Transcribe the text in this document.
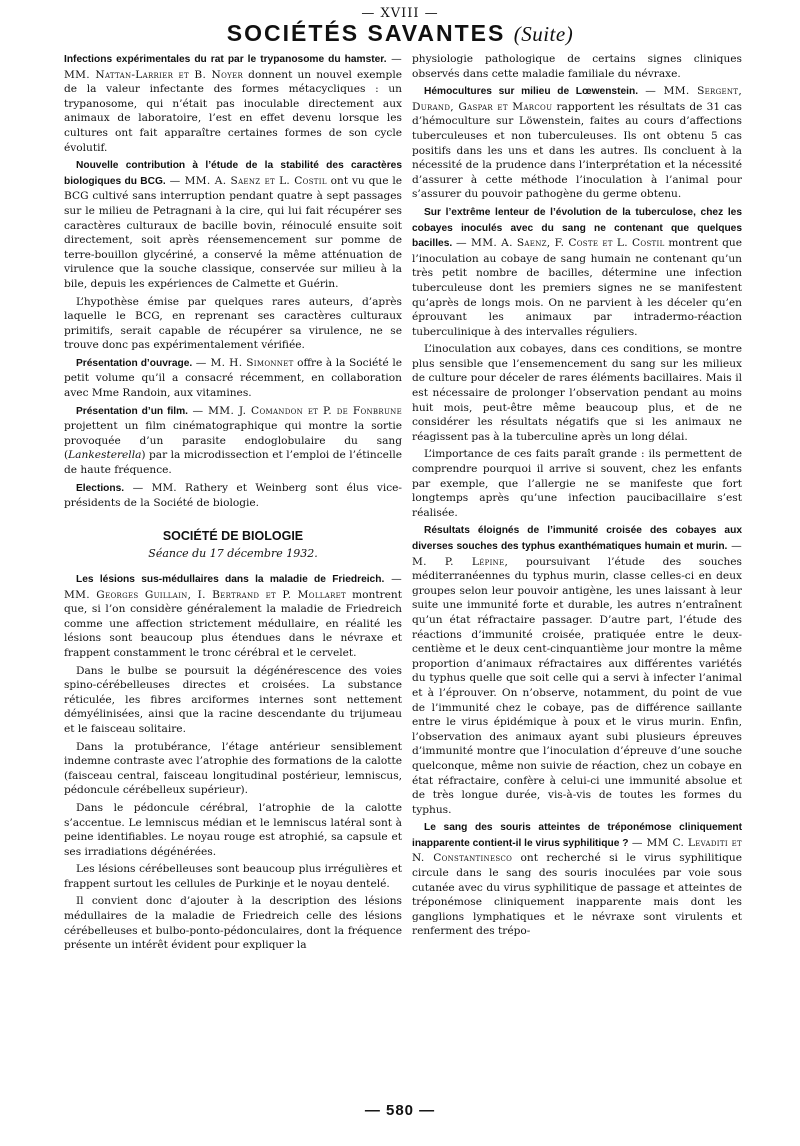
— XVIII —
SOCIÉTÉS SAVANTES (Suite)

Infections expérimentales du rat par le trypanosome du hamster. — MM. Nattan-Larrier et B. Noyer donnent un nouvel exemple de la valeur infectante des formes métacycliques : un trypanosome, qui n’était pas inoculable directement aux animaux de laboratoire, l’est en effet devenu lorsque les cultures ont fait apparaître certaines formes de son cycle évolutif.

Nouvelle contribution à l’étude de la stabilité des caractères biologiques du BCG. — MM. A. Saenz et L. Costil ont vu que le BCG cultivé sans interruption pendant quatre à sept passages sur le milieu de Petragnani à la cire, qui lui fait récupérer ses caractères culturaux de bacille bovin, réinoculé ensuite soit directement, soit après réensemencement sur pomme de terre-bouillon glycériné, a conservé la même atténuation de virulence que la souche classique, conservée sur milieu à la bile, depuis les expériences de Calmette et Guérin.

L’hypothèse émise par quelques rares auteurs, d’après laquelle le BCG, en reprenant ses caractères culturaux primitifs, serait capable de récupérer sa virulence, ne se trouve donc pas expérimentalement vérifiée.

Présentation d’ouvrage. — M. H. Simonnet offre à la Société le petit volume qu’il a consacré récemment, en collaboration avec Mme Randoin, aux vitamines.

Présentation d’un film. — MM. J. Comandon et P. de Fonbrune projettent un film cinématographique qui montre la sortie provoquée d’un parasite endoglobulaire du sang (Lankesterella) par la microdissection et l’emploi de l’étincelle de haute fréquence.

Elections. — MM. Rathery et Weinberg sont élus vice-présidents de la Société de biologie.

SOCIÉTÉ DE BIOLOGIE
Séance du 17 décembre 1932.

Les lésions sus-médullaires dans la maladie de Friedreich. — MM. Georges Guillain, I. Bertrand et P. Mollaret montrent que, si l’on considère généralement la maladie de Friedreich comme une affection strictement médullaire, en réalité les lésions sont beaucoup plus étendues dans le névraxe et frappent constamment le tronc cérébral et le cervelet.

Dans le bulbe se poursuit la dégénérescence des voies spino-cérébelleuses directes et croisées. La substance réticulée, les fibres arciformes internes sont nettement démyélinisées, ainsi que la racine descendante du trijumeau et le faisceau solitaire.

Dans la protubérance, l’étage antérieur sensiblement indemne contraste avec l’atrophie des formations de la calotte (faisceau central, faisceau longitudinal postérieur, lemniscus, pédoncule cérébelleux supérieur).

Dans le pédoncule cérébral, l’atrophie de la calotte s’accentue. Le lemniscus médian et le lemniscus latéral sont à peine identifiables. Le noyau rouge est atrophié, sa capsule et ses irradiations dégénérées.

Les lésions cérébelleuses sont beaucoup plus irrégulières et frappent surtout les cellules de Purkinje et le noyau dentelé.

Il convient donc d’ajouter à la description des lésions médullaires de la maladie de Friedreich celle des lésions cérébelleuses et bulbo-ponto-pédonculaires, dont la fréquence présente un intérêt évident pour expliquer la

physiologie pathologique de certains signes cliniques observés dans cette maladie familiale du névraxe.

Hémocultures sur milieu de Lœwenstein. — MM. Sergent, Durand, Gaspar et Marcou rapportent les résultats de 31 cas d’hémoculture sur Löwenstein, faites au cours d’affections tuberculeuses et non tuberculeuses. Ils ont obtenu 5 cas positifs dans les uns et dans les autres. Ils concluent à la nécessité de la prudence dans l’interprétation et la nécessité d’assurer à cette méthode l’inoculation à l’animal pour s’assurer du pouvoir pathogène du germe obtenu.

Sur l’extrême lenteur de l’évolution de la tuberculose, chez les cobayes inoculés avec du sang ne contenant que quelques bacilles. — MM. A. Saenz, F. Coste et L. Costil montrent que l’inoculation au cobaye de sang humain ne contenant qu’un très petit nombre de bacilles, détermine une infection tuberculeuse dont les premiers signes ne se manifestent qu’après de longs mois. On ne parvient à les déceler qu’en éprouvant les animaux par intradermo-réaction tuberculinique à des intervalles réguliers.

L’inoculation aux cobayes, dans ces conditions, se montre plus sensible que l’ensemencement du sang sur les milieux de culture pour déceler de rares éléments bacillaires. Mais il est nécessaire de prolonger l’observation pendant au moins huit mois, peut-être même beaucoup plus, et de ne considérer les résultats négatifs que si les animaux ne réagissent pas à la tuberculine après un long délai.

L’importance de ces faits paraît grande : ils permettent de comprendre pourquoi il arrive si souvent, chez les enfants par exemple, que l’allergie ne se manifeste que fort longtemps après qu’une infection paucibacillaire s’est réalisée.

Résultats éloignés de l’immunité croisée des cobayes aux diverses souches des typhus exanthématiques humain et murin. — M. P. Lépine, poursuivant l’étude des souches méditerranéennes du typhus murin, classe celles-ci en deux groupes selon leur pouvoir antigène, les unes laissant à leur suite une immunité forte et durable, les autres n’entraînent qu’un état réfractaire passager. D’autre part, l’étude des réactions d’immunité croisée, pratiquée entre le deux-centième et le deux cent-cinquantième jour montre la même proportion d’animaux réfractaires aux différentes variétés du typhus quelle que soit celle qui a servi à infecter l’animal et à l’éprouver. On n’observe, notamment, du point de vue de l’immunité chez le cobaye, pas de différence saillante entre le virus épidémique à poux et le virus murin. Enfin, l’observation des animaux ayant subi plusieurs épreuves d’immunité montre que l’inoculation d’épreuve d’une souche quelconque, même non suivie de réaction, chez un cobaye en état réfractaire, confère à celui-ci une immunité absolue et de très longue durée, vis-à-vis de toutes les formes du typhus.

Le sang des souris atteintes de tréponémose cliniquement inapparente contient-il le virus syphilitique ? — MM C. Levaditi et N. Constantinesco ont recherché si le virus syphilitique circule dans le sang des souris inoculées par voie sous cutanée avec du virus syphilitique de passage et atteintes de tréponémose cliniquement inapparente mais dont les ganglions lymphatiques et le névraxe sont virulents et renferment des trépo-

— 580 —
